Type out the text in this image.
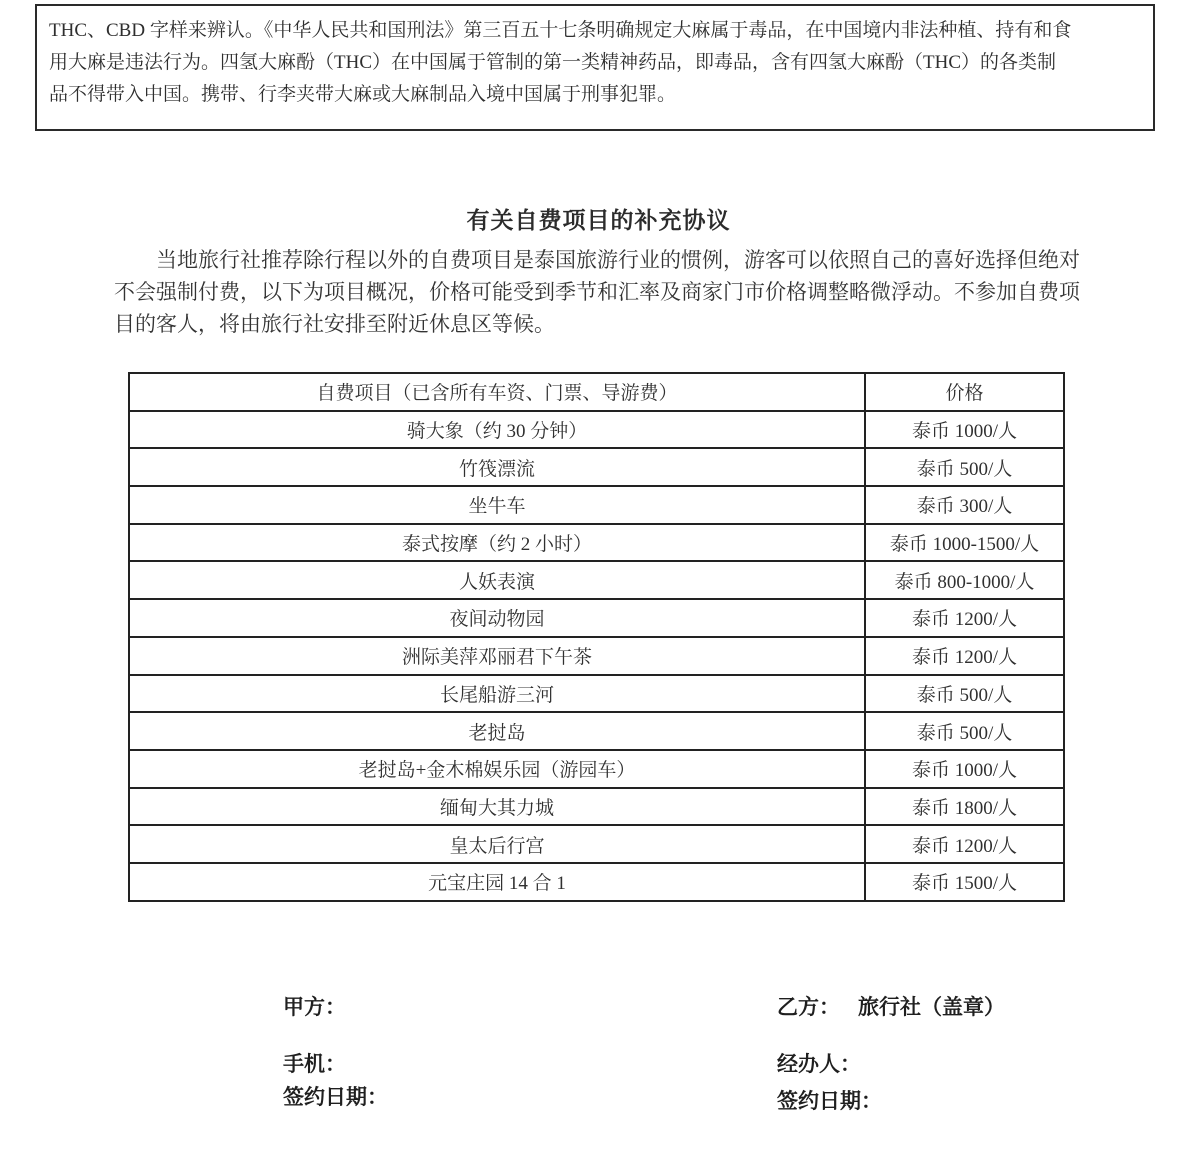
THC、CBD 字样来辨认。《中华人民共和国刑法》第三百五十七条明确规定大麻属于毒品，在中国境内非法种植、持有和食
用大麻是违法行为。四氢大麻酚（THC）在中国属于管制的第一类精神药品，即毒品，含有四氢大麻酚（THC）的各类制
品不得带入中国。携带、行李夹带大麻或大麻制品入境中国属于刑事犯罪。
有关自费项目的补充协议
当地旅行社推荐除行程以外的自费项目是泰国旅游行业的惯例，游客可以依照自己的喜好选择但绝对
不会强制付费，以下为项目概况，价格可能受到季节和汇率及商家门市价格调整略微浮动。不参加自费项
目的客人，将由旅行社安排至附近休息区等候。
自费项目（已含所有车资、门票、导游费）	价格
骑大象（约 30 分钟）	泰币 1000/人
竹筏漂流	泰币 500/人
坐牛车	泰币 300/人
泰式按摩（约 2 小时）	泰币 1000-1500/人
人妖表演	泰币 800-1000/人
夜间动物园	泰币 1200/人
洲际美萍邓丽君下午茶	泰币 1200/人
长尾船游三河	泰币 500/人
老挝岛	泰币 500/人
老挝岛+金木棉娱乐园（游园车）	泰币 1000/人
缅甸大其力城	泰币 1800/人
皇太后行宫	泰币 1200/人
元宝庄园 14 合 1	泰币 1500/人
甲方：	乙方： 旅行社（盖章）
手机：	经办人：
签约日期：	签约日期：
